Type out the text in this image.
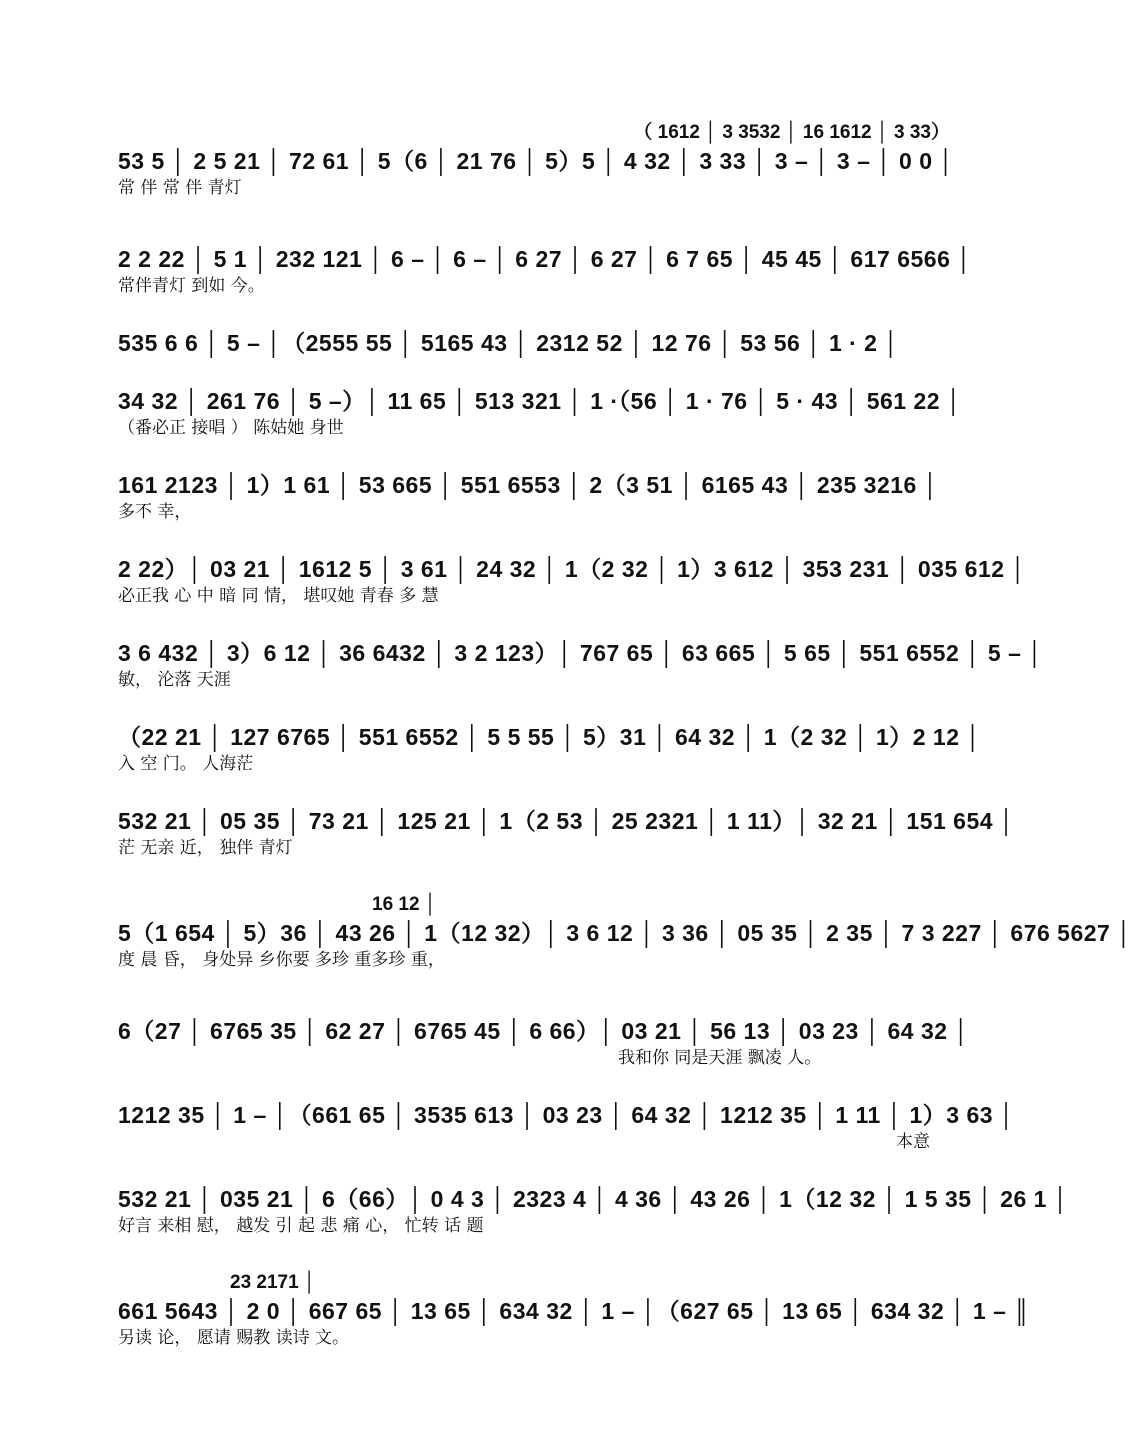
（ 1612 │ 3 3532 │ 16 1612 │ 3 33）
53 5 │ 2 5 21 │ 72 61 │ 5（6 │ 21 76 │ 5）5 │ 4 32 │ 3 33 │ 3 – │ 3 – │ 0 0 │
常 伴 常 伴 青灯
2 2 22 │ 5 1 │ 232 121 │ 6 – │ 6 – │ 6 27 │ 6 27 │ 6 7 65 │ 45 45 │ 617 6566 │
常伴青灯 到如 今。
535 6 6 │ 5 – │（2555 55 │ 5165 43 │ 2312 52 │ 12 76 │ 53 56 │ 1 · 2 │
34 32 │ 261 76 │ 5 –）│ 11 65 │ 513 321 │ 1 ·（56 │ 1 · 76 │ 5 · 43 │ 561 22 │
（番必正 接唱 ） 陈姑她 身世
161 2123 │ 1）1 61 │ 53 665 │ 551 6553 │ 2（3 51 │ 6165 43 │ 235 3216 │
多不 幸，
2 22）│ 03 21 │ 1612 5 │ 3 61 │ 24 32 │ 1（2 32 │ 1）3 612 │ 353 231 │ 035 612 │
必正我 心 中 暗 同 情， 堪叹她 青春 多 慧
3 6 432 │ 3）6 12 │ 36 6432 │ 3 2 123）│ 767 65 │ 63 665 │ 5 65 │ 551 6552 │ 5 – │
敏， 沦落 天涯
（22 21 │ 127 6765 │ 551 6552 │ 5 5 55 │ 5）31 │ 64 32 │ 1（2 32 │ 1）2 12 │
入 空 门。 人海茫
532 21 │ 05 35 │ 73 21 │ 125 21 │ 1（2 53 │ 25 2321 │ 1 11）│ 32 21 │ 151 654 │
茫 无亲 近， 独伴 青灯
16 12 │
5（1 654 │ 5）36 │ 43 26 │ 1（12 32）│ 3 6 12 │ 3 36 │ 05 35 │ 2 35 │ 7 3 227 │ 676 5627 │
度 晨 昏， 身处异 乡你要 多珍 重多珍 重，
6（27 │ 6765 35 │ 62 27 │ 6765 45 │ 6 66）│ 03 21 │ 56 13 │ 03 23 │ 64 32 │
我和你 同是天涯 飘凌 人。
1212 35 │ 1 – │（661 65 │ 3535 613 │ 03 23 │ 64 32 │ 1212 35 │ 1 11 │ 1）3 63 │
本意
532 21 │ 035 21 │ 6（66）│ 0 4 3 │ 2323 4 │ 4 36 │ 43 26 │ 1（12 32 │ 1 5 35 │ 26 1 │
好言 来相 慰， 越发 引 起 悲 痛 心， 忙转 话 题
23 2171 │
661 5643 │ 2 0 │ 667 65 │ 13 65 │ 634 32 │ 1 – │（627 65 │ 13 65 │ 634 32 │ 1 – ║
另读 论， 愿请 赐教 读诗 文。
